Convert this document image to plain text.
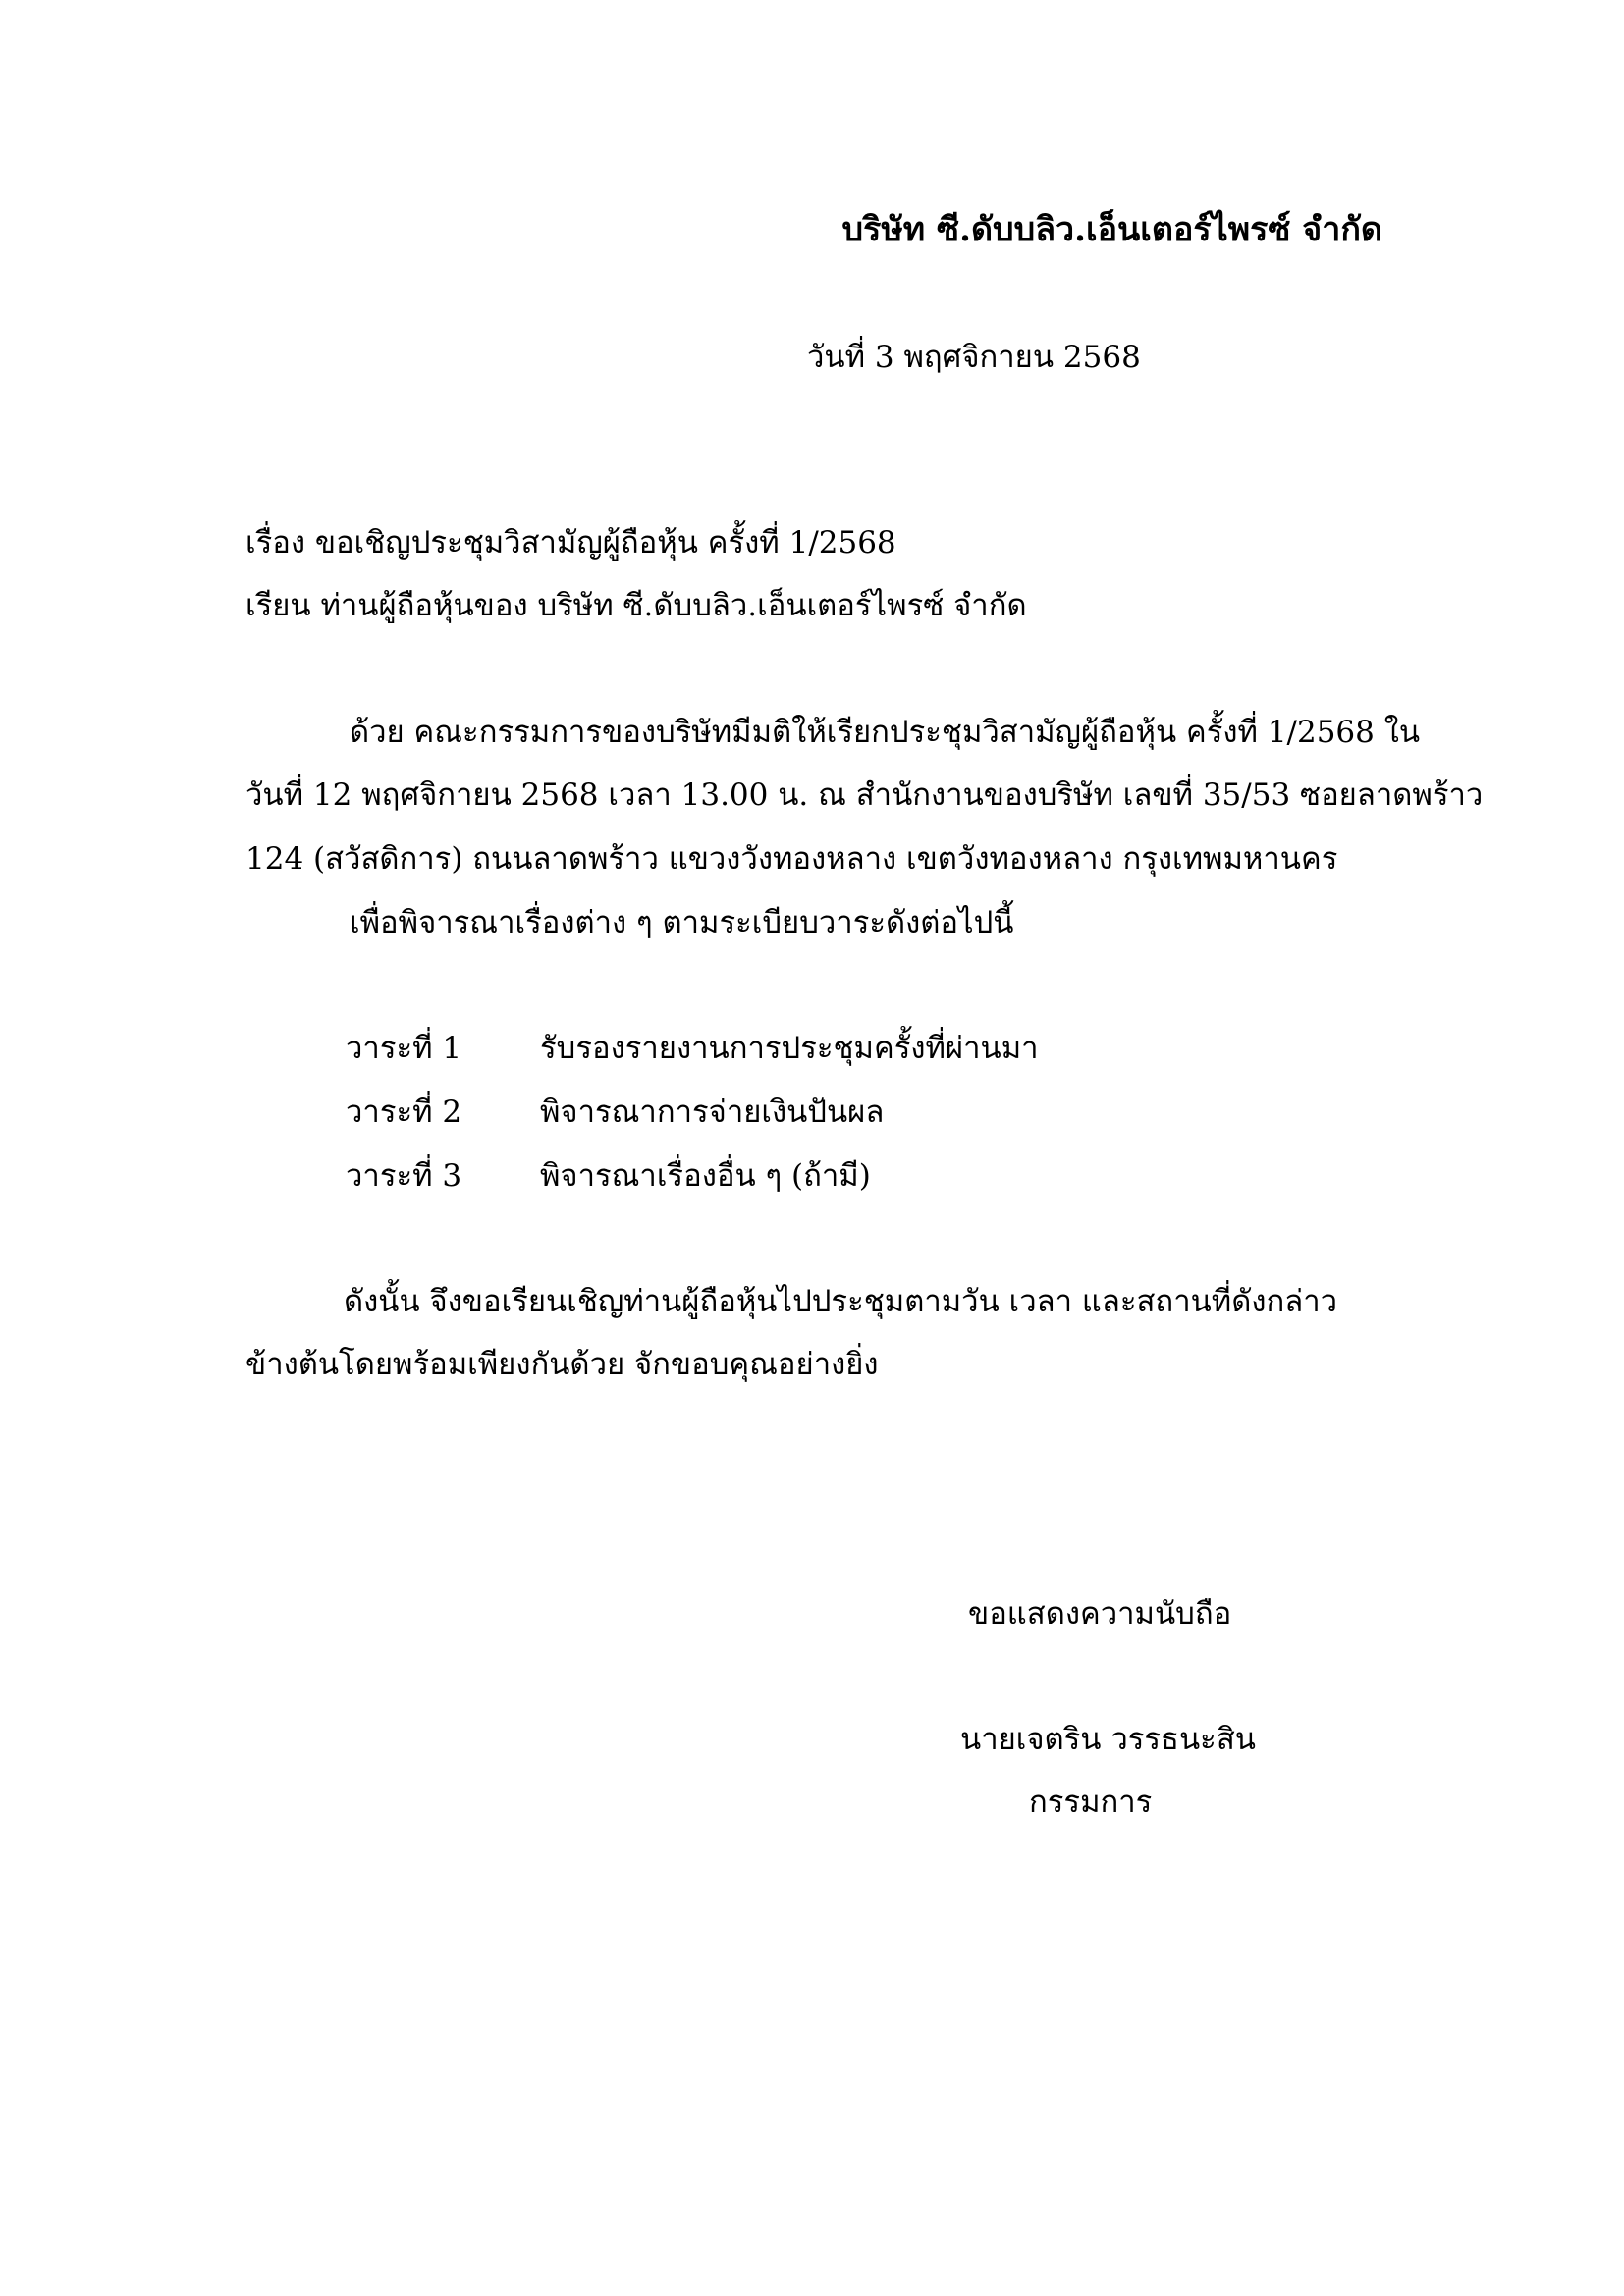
บริษัท ซี.ดับบลิว.เอ็นเตอร์ไพรซ์ จำกัด

วันที่ 3 พฤศจิกายน 2568

เรื่อง ขอเชิญประชุมวิสามัญผู้ถือหุ้น ครั้งที่ 1/2568

เรียน ท่านผู้ถือหุ้นของ บริษัท ซี.ดับบลิว.เอ็นเตอร์ไพรซ์ จำกัด

ด้วย คณะกรรมการของบริษัทมีมติให้เรียกประชุมวิสามัญผู้ถือหุ้น ครั้งที่ 1/2568 ใน

วันที่ 12 พฤศจิกายน 2568 เวลา 13.00 น. ณ สำนักงานของบริษัท เลขที่ 35/53 ซอยลาดพร้าว

124 (สวัสดิการ) ถนนลาดพร้าว แขวงวังทองหลาง เขตวังทองหลาง กรุงเทพมหานคร

เพื่อพิจารณาเรื่องต่าง ๆ ตามระเบียบวาระดังต่อไปนี้

วาระที่ 1	รับรองรายงานการประชุมครั้งที่ผ่านมา

วาระที่ 2	พิจารณาการจ่ายเงินปันผล

วาระที่ 3	พิจารณาเรื่องอื่น ๆ (ถ้ามี)

ดังนั้น จึงขอเรียนเชิญท่านผู้ถือหุ้นไปประชุมตามวัน เวลา และสถานที่ดังกล่าว

ข้างต้นโดยพร้อมเพียงกันด้วย จักขอบคุณอย่างยิ่ง

ขอแสดงความนับถือ

นายเจตริน วรรธนะสิน

กรรมการ
